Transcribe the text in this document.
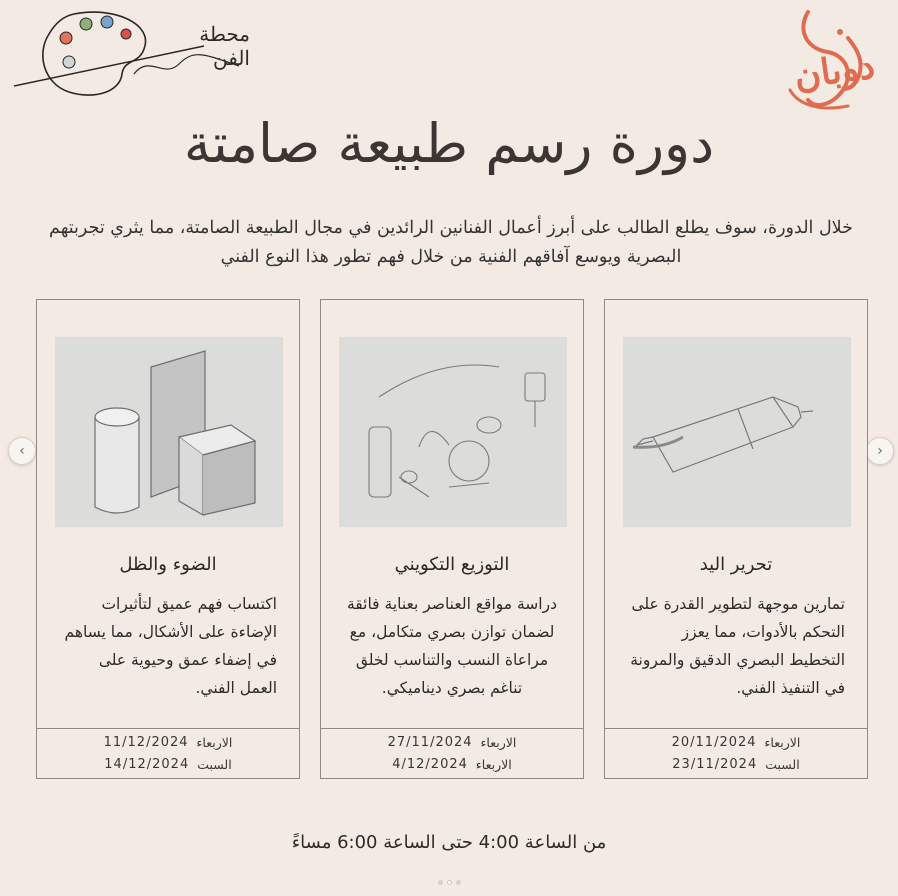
محطة الفن	دوبان
دورة رسم طبيعة صامتة
خلال الدورة، سوف يطلع الطالب على أبرز أعمال الفنانين الرائدين في مجال الطبيعة الصامتة، مما يثري تجربتهم البصرية ويوسع آفاقهم الفنية من خلال فهم تطور هذا النوع الفني
‹	›
تحرير اليد
تمارين موجهة لتطوير القدرة على التحكم بالأدوات، مما يعزز التخطيط البصري الدقيق والمرونة في التنفيذ الفني.
20/11/2024 الاربعاء
23/11/2024 السبت
التوزيع التكويني
دراسة مواقع العناصر بعناية فائقة لضمان توازن بصري متكامل، مع مراعاة النسب والتناسب لخلق تناغم بصري ديناميكي.
27/11/2024 الاربعاء
4/12/2024 الاربعاء
الضوء والظل
اكتساب فهم عميق لتأثيرات الإضاءة على الأشكال، مما يساهم في إضفاء عمق وحيوية على العمل الفني.
11/12/2024 الاربعاء
14/12/2024 السبت
من الساعة 4:00 حتى الساعة 6:00 مساءً
